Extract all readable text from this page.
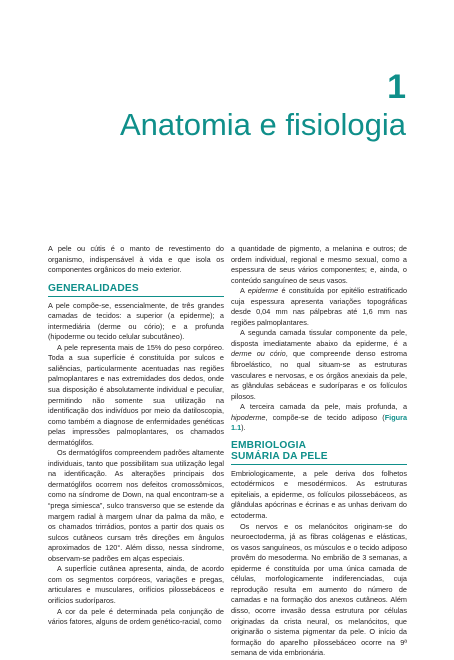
1
Anatomia e fisiologia

A pele ou cútis é o manto de revestimento do organismo, indispensável à vida e que isola os componentes orgânicos do meio exterior.

GENERALIDADES

A pele compõe-se, essencialmente, de três grandes camadas de tecidos: a superior (a epiderme); a intermediária (derme ou cório); e a profunda (hipoderme ou tecido celular subcutâneo).

A pele representa mais de 15% do peso corpóreo. Toda a sua superfície é constituída por sulcos e saliências, particularmente acentuadas nas regiões palmoplantares e nas extremidades dos dedos, onde sua disposição é absolutamente individual e peculiar, permitindo não somente sua utilização na identificação dos indivíduos por meio da datiloscopia, como também a diagnose de enfermidades genéticas pelas impressões palmoplantares, os chamados dermatóglifos.

Os dermatóglifos compreendem padrões altamente individuais, tanto que possibilitam sua utilização legal na identificação. As alterações principais dos dermatóglifos ocorrem nos defeitos cromossômicos, como na síndrome de Down, na qual encontram-se a “prega simiesca”, sulco transverso que se estende da margem radial à margem ulnar da palma da mão, e os chamados trirrádios, pontos a partir dos quais os sulcos cutâneos cursam três direções em ângulos aproximados de 120°. Além disso, nessa síndrome, observam-se padrões em alças especiais.

A superfície cutânea apresenta, ainda, de acordo com os segmentos corpóreos, variações e pregas, articulares e musculares, orifícios pilossebáceos e orifícios sudoríparos.

A cor da pele é determinada pela conjunção de vários fatores, alguns de ordem genético-racial, como

a quantidade de pigmento, a melanina e outros; de ordem individual, regional e mesmo sexual, como a espessura de seus vários componentes; e, ainda, o conteúdo sanguíneo de seus vasos.

A epiderme é constituída por epitélio estratificado cuja espessura apresenta variações topográficas desde 0,04 mm nas pálpebras até 1,6 mm nas regiões palmoplantares.

A segunda camada tissular componente da pele, disposta imediatamente abaixo da epiderme, é a derme ou cório, que compreende denso estroma fibroelástico, no qual situam-se as estruturas vasculares e nervosas, e os órgãos anexiais da pele, as glândulas sebáceas e sudoríparas e os folículos pilosos.

A terceira camada da pele, mais profunda, a hipoderme, compõe-se de tecido adiposo (Figura 1.1).

EMBRIOLOGIA
SUMÁRIA DA PELE

Embriologicamente, a pele deriva dos folhetos ectodérmicos e mesodérmicos. As estruturas epiteliais, a epiderme, os folículos pilossebáceos, as glândulas apócrinas e écrinas e as unhas derivam do ectoderma.

Os nervos e os melanócitos originam-se do neuroectoderma, já as fibras colágenas e elásticas, os vasos sanguíneos, os músculos e o tecido adiposo provêm do mesoderma. No embrião de 3 semanas, a epiderme é constituída por uma única camada de células, morfologicamente indiferenciadas, cuja reprodução resulta em aumento do número de camadas e na formação dos anexos cutâneos. Além disso, ocorre invasão dessa estrutura por células originadas da crista neural, os melanócitos, que originarão o sistema pigmentar da pele. O início da formação do aparelho pilossebáceo ocorre na 9ª semana de vida embrionária.
